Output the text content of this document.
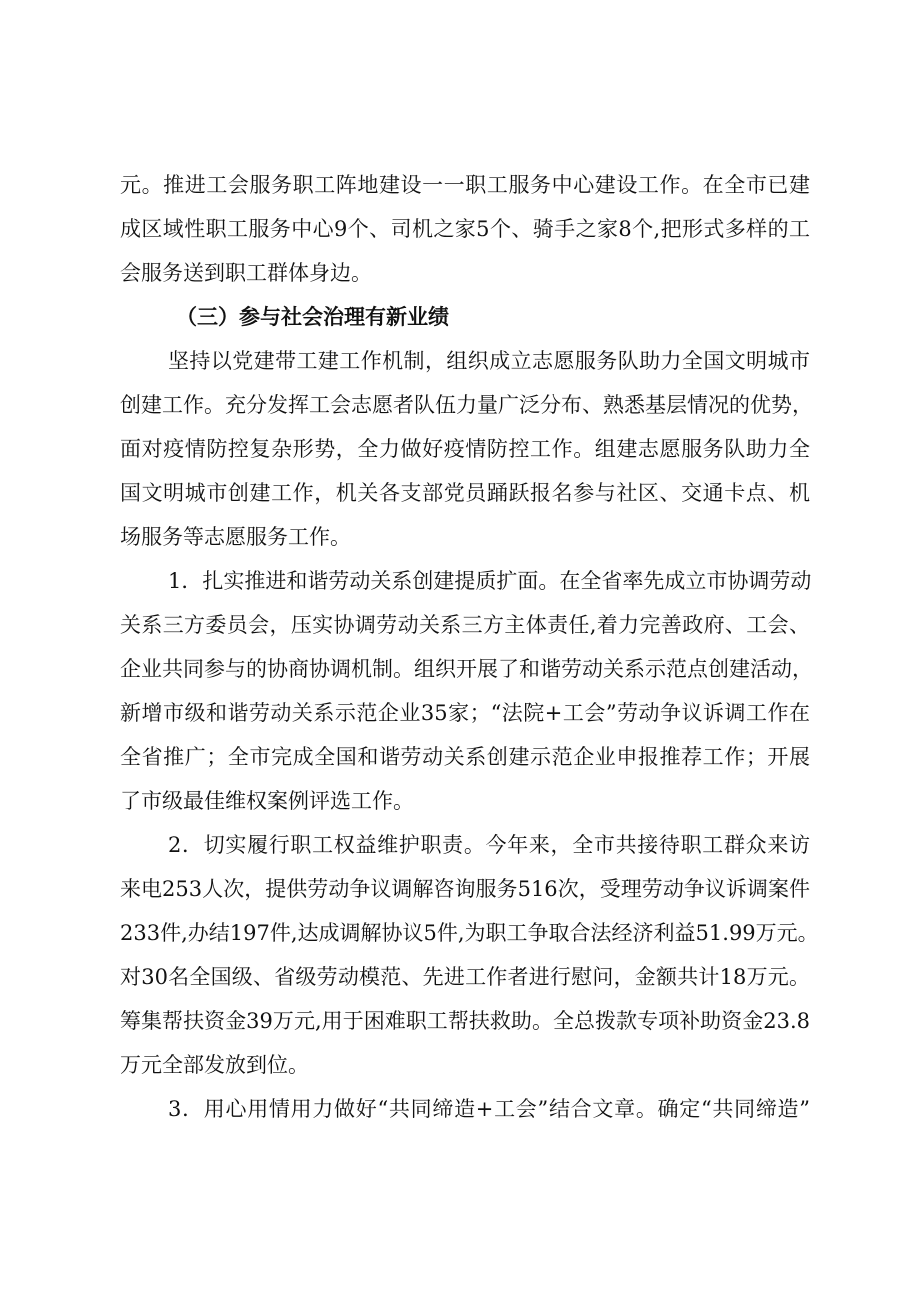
元。推进工会服务职工阵地建设一一职工服务中心建设工作。在全市已建
成区域性职工服务中心9个、司机之家5个、骑手之家8个,把形式多样的工
会服务送到职工群体身边。
（三）参与社会治理有新业绩
坚持以党建带工建工作机制，组织成立志愿服务队助力全国文明城市
创建工作。充分发挥工会志愿者队伍力量广泛分布、熟悉基层情况的优势，
面对疫情防控复杂形势，全力做好疫情防控工作。组建志愿服务队助力全
国文明城市创建工作，机关各支部党员踊跃报名参与社区、交通卡点、机
场服务等志愿服务工作。
1．扎实推进和谐劳动关系创建提质扩面。在全省率先成立市协调劳动
关系三方委员会，压实协调劳动关系三方主体责任,着力完善政府、工会、
企业共同参与的协商协调机制。组织开展了和谐劳动关系示范点创建活动，
新增市级和谐劳动关系示范企业35家；“法院+工会”劳动争议诉调工作在
全省推广；全市完成全国和谐劳动关系创建示范企业申报推荐工作；开展
了市级最佳维权案例评选工作。
2．切实履行职工权益维护职责。今年来，全市共接待职工群众来访
来电253人次，提供劳动争议调解咨询服务516次，受理劳动争议诉调案件
233件,办结197件,达成调解协议5件,为职工争取合法经济利益51.99万元。
对30名全国级、省级劳动模范、先进工作者进行慰问，金额共计18万元。
筹集帮扶资金39万元,用于困难职工帮扶救助。全总拨款专项补助资金23.8
万元全部发放到位。
3．用心用情用力做好“共同缔造+工会”结合文章。确定“共同缔造”
